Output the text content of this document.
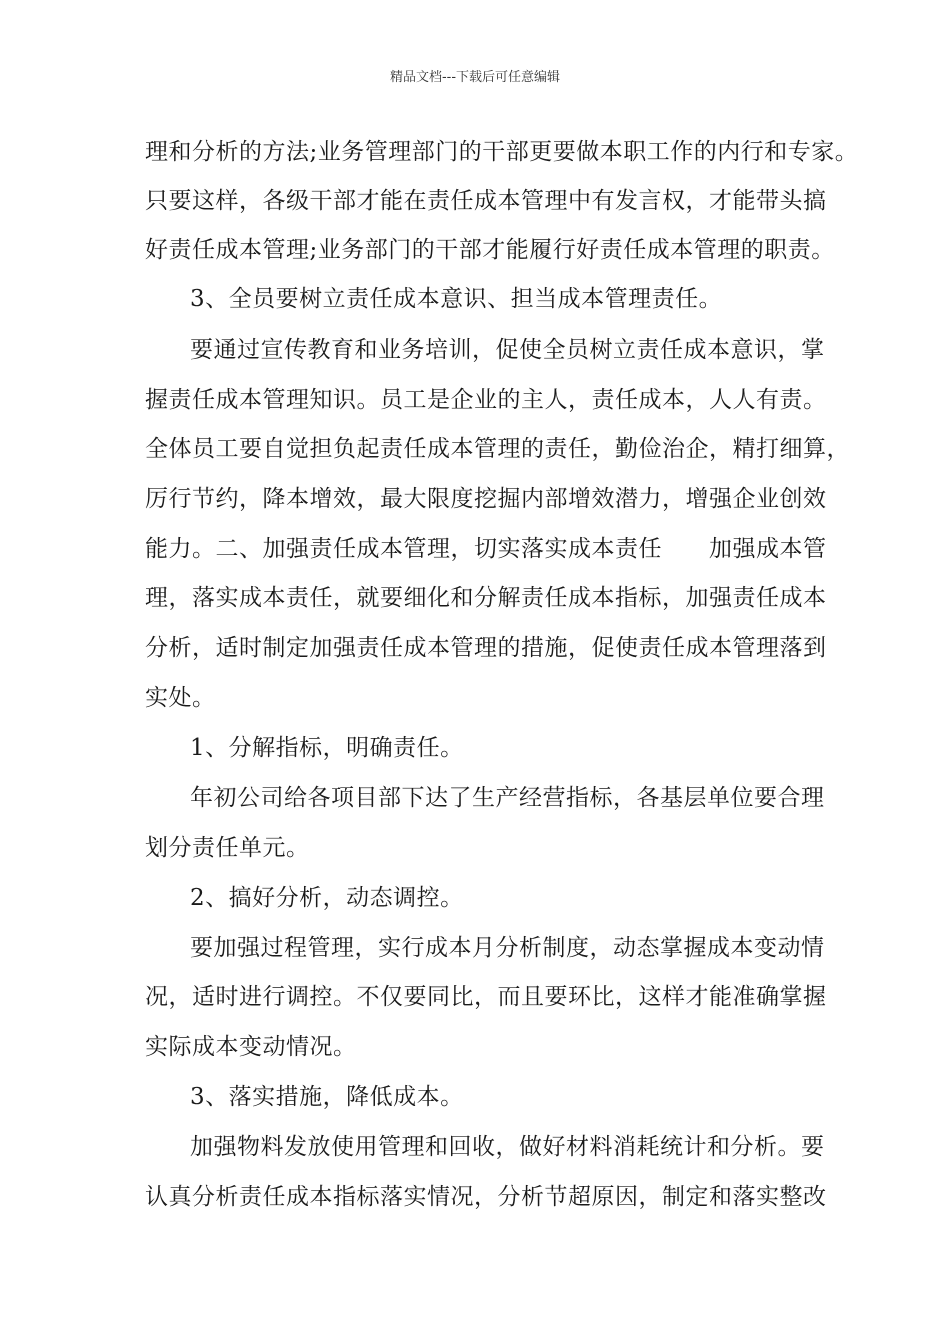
精品文档---下载后可任意编辑
理和分析的方法;业务管理部门的干部更要做本职工作的内行和专家。
只要这样，各级干部才能在责任成本管理中有发言权，才能带头搞
好责任成本管理;业务部门的干部才能履行好责任成本管理的职责。
3、全员要树立责任成本意识、担当成本管理责任。
要通过宣传教育和业务培训，促使全员树立责任成本意识，掌
握责任成本管理知识。员工是企业的主人，责任成本，人人有责。
全体员工要自觉担负起责任成本管理的责任，勤俭治企，精打细算，
厉行节约，降本增效，最大限度挖掘内部增效潜力，增强企业创效
能力。二、加强责任成本管理，切实落实成本责任　　加强成本管
理，落实成本责任，就要细化和分解责任成本指标，加强责任成本
分析，适时制定加强责任成本管理的措施，促使责任成本管理落到
实处。
1、分解指标，明确责任。
年初公司给各项目部下达了生产经营指标，各基层单位要合理
划分责任单元。
2、搞好分析，动态调控。
要加强过程管理，实行成本月分析制度，动态掌握成本变动情
况，适时进行调控。不仅要同比，而且要环比，这样才能准确掌握
实际成本变动情况。
3、落实措施，降低成本。
加强物料发放使用管理和回收，做好材料消耗统计和分析。要
认真分析责任成本指标落实情况，分析节超原因，制定和落实整改
